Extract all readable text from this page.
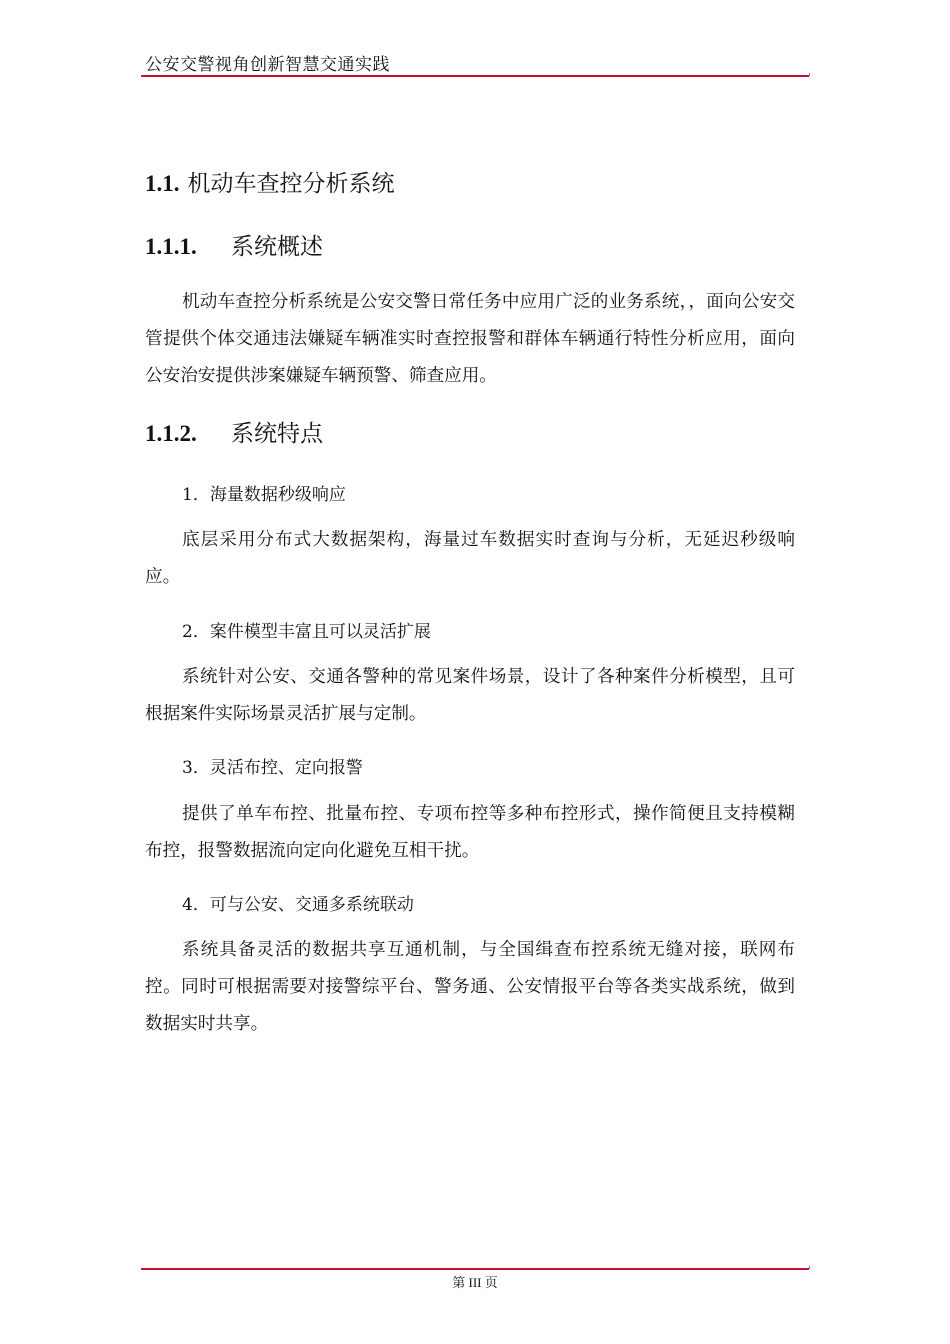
公安交警视角创新智慧交通实践
1.1. 机动车查控分析系统
1.1.1. 系统概述
机动车查控分析系统是公安交警日常任务中应用广泛的业务系统，，面向公安交管提供个体交通违法嫌疑车辆准实时查控报警和群体车辆通行特性分析应用，面向公安治安提供涉案嫌疑车辆预警、筛查应用。
1.1.2. 系统特点
1．海量数据秒级响应
底层采用分布式大数据架构，海量过车数据实时查询与分析，无延迟秒级响应。
2．案件模型丰富且可以灵活扩展
系统针对公安、交通各警种的常见案件场景，设计了各种案件分析模型，且可根据案件实际场景灵活扩展与定制。
3．灵活布控、定向报警
提供了单车布控、批量布控、专项布控等多种布控形式，操作简便且支持模糊布控，报警数据流向定向化避免互相干扰。
4．可与公安、交通多系统联动
系统具备灵活的数据共享互通机制，与全国缉查布控系统无缝对接，联网布控。同时可根据需要对接警综平台、警务通、公安情报平台等各类实战系统，做到数据实时共享。
第 III 页
